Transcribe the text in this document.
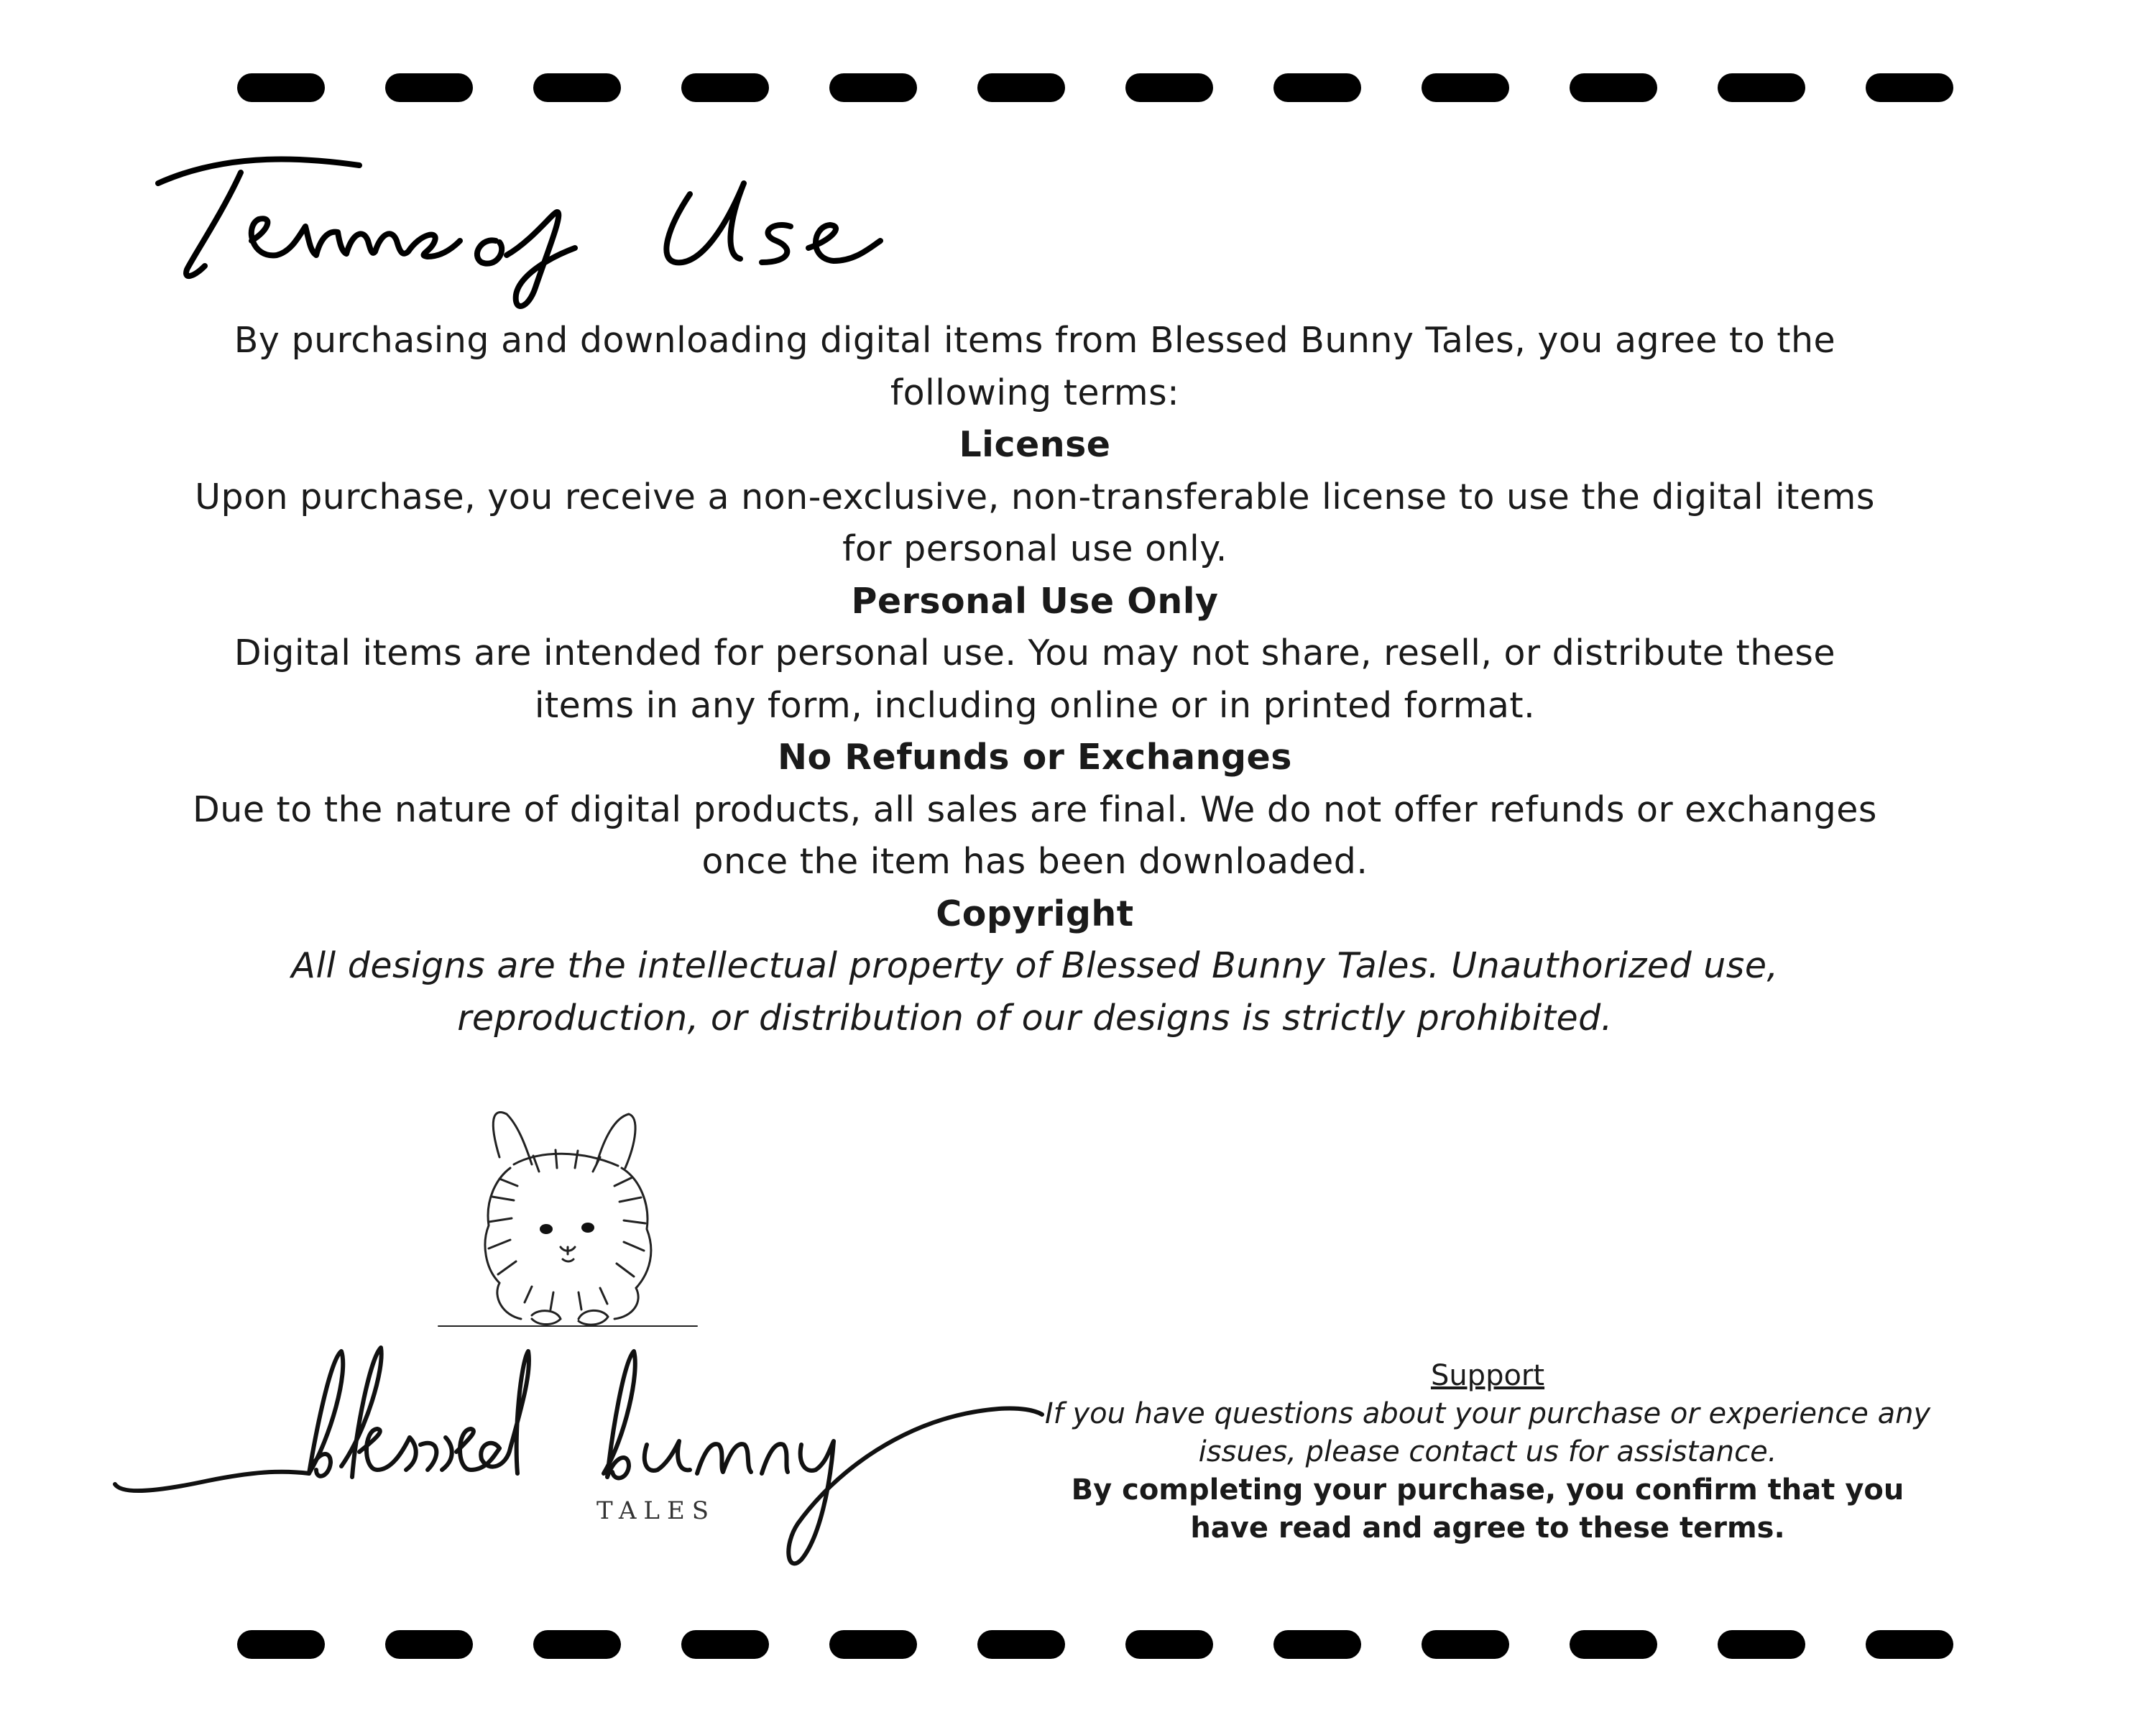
By purchasing and downloading digital items from Blessed Bunny Tales, you agree to the following terms:

License

Upon purchase, you receive a non-exclusive, non-transferable license to use the digital items for personal use only.

Personal Use Only

Digital items are intended for personal use. You may not share, resell, or distribute these items in any form, including online or in printed format.

No Refunds or Exchanges

Due to the nature of digital products, all sales are final. We do not offer refunds or exchanges once the item has been downloaded.

Copyright

All designs are the intellectual property of Blessed Bunny Tales. Unauthorized use, reproduction, or distribution of our designs is strictly prohibited.

TALES

Support

If you have questions about your purchase or experience any issues, please contact us for assistance.

By completing your purchase, you confirm that you have read and agree to these terms.
